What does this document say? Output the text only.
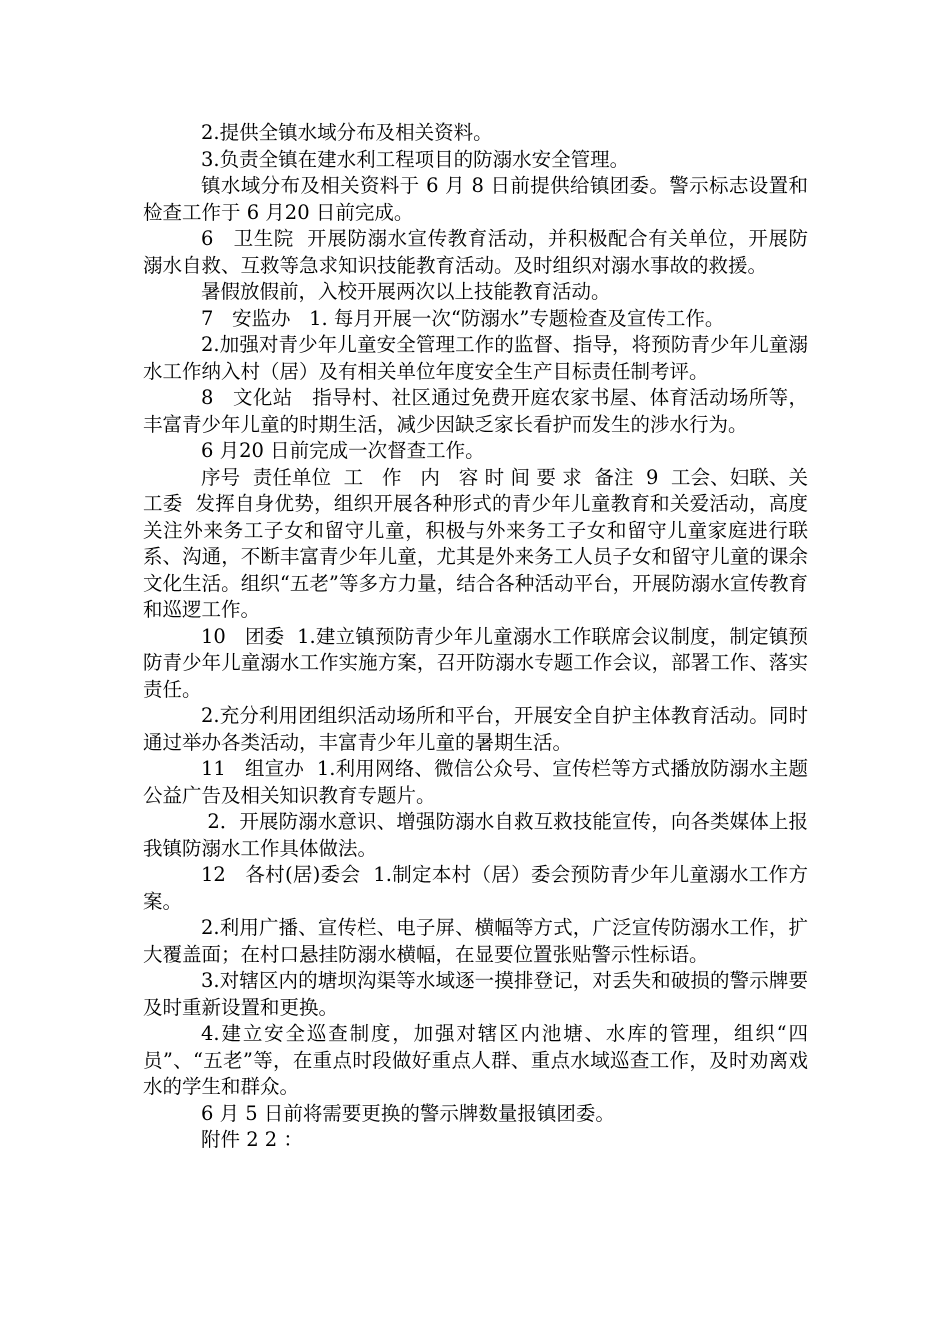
2.提供全镇水域分布及相关资料。

3.负责全镇在建水利工程项目的防溺水安全管理。

镇水域分布及相关资料于 6 月 8 日前提供给镇团委。警示标志设置和检查工作于 6 月20 日前完成。

6   卫生院  开展防溺水宣传教育活动，并积极配合有关单位，开展防溺水自救、互救等急求知识技能教育活动。及时组织对溺水事故的救援。

暑假放假前，入校开展两次以上技能教育活动。

7   安监办   1. 每月开展一次“防溺水”专题检查及宣传工作。

2.加强对青少年儿童安全管理工作的监督、指导，将预防青少年儿童溺水工作纳入村（居）及有相关单位年度安全生产目标责任制考评。

8   文化站   指导村、社区通过免费开庭农家书屋、体育活动场所等，丰富青少年儿童的时期生活，减少因缺乏家长看护而发生的涉水行为。

6 月20 日前完成一次督查工作。

序号  责任单位  工   作   内   容 时 间 要 求  备注  9  工会、妇联、关工委  发挥自身优势，组织开展各种形式的青少年儿童教育和关爱活动，高度关注外来务工子女和留守儿童，积极与外来务工子女和留守儿童家庭进行联系、沟通，不断丰富青少年儿童，尤其是外来务工人员子女和留守儿童的课余文化生活。组织“五老”等多方力量，结合各种活动平台，开展防溺水宣传教育和巡逻工作。

10   团委  1.建立镇预防青少年儿童溺水工作联席会议制度，制定镇预防青少年儿童溺水工作实施方案，召开防溺水专题工作会议，部署工作、落实责任。

2.充分利用团组织活动场所和平台，开展安全自护主体教育活动。同时通过举办各类活动，丰富青少年儿童的暑期生活。

11   组宣办  1.利用网络、微信公众号、宣传栏等方式播放防溺水主题公益广告及相关知识教育专题片。

2．开展防溺水意识、增强防溺水自救互救技能宣传，向各类媒体上报我镇防溺水工作具体做法。

12   各村(居)委会  1.制定本村（居）委会预防青少年儿童溺水工作方案。

2.利用广播、宣传栏、电子屏、横幅等方式，广泛宣传防溺水工作，扩大覆盖面；在村口悬挂防溺水横幅，在显要位置张贴警示性标语。

3.对辖区内的塘坝沟渠等水域逐一摸排登记，对丢失和破损的警示牌要及时重新设置和更换。

4.建立安全巡查制度，加强对辖区内池塘、水库的管理，组织“四员”、“五老”等，在重点时段做好重点人群、重点水域巡查工作，及时劝离戏水的学生和群众。

6 月 5 日前将需要更换的警示牌数量报镇团委。

附件 2 2 ：
